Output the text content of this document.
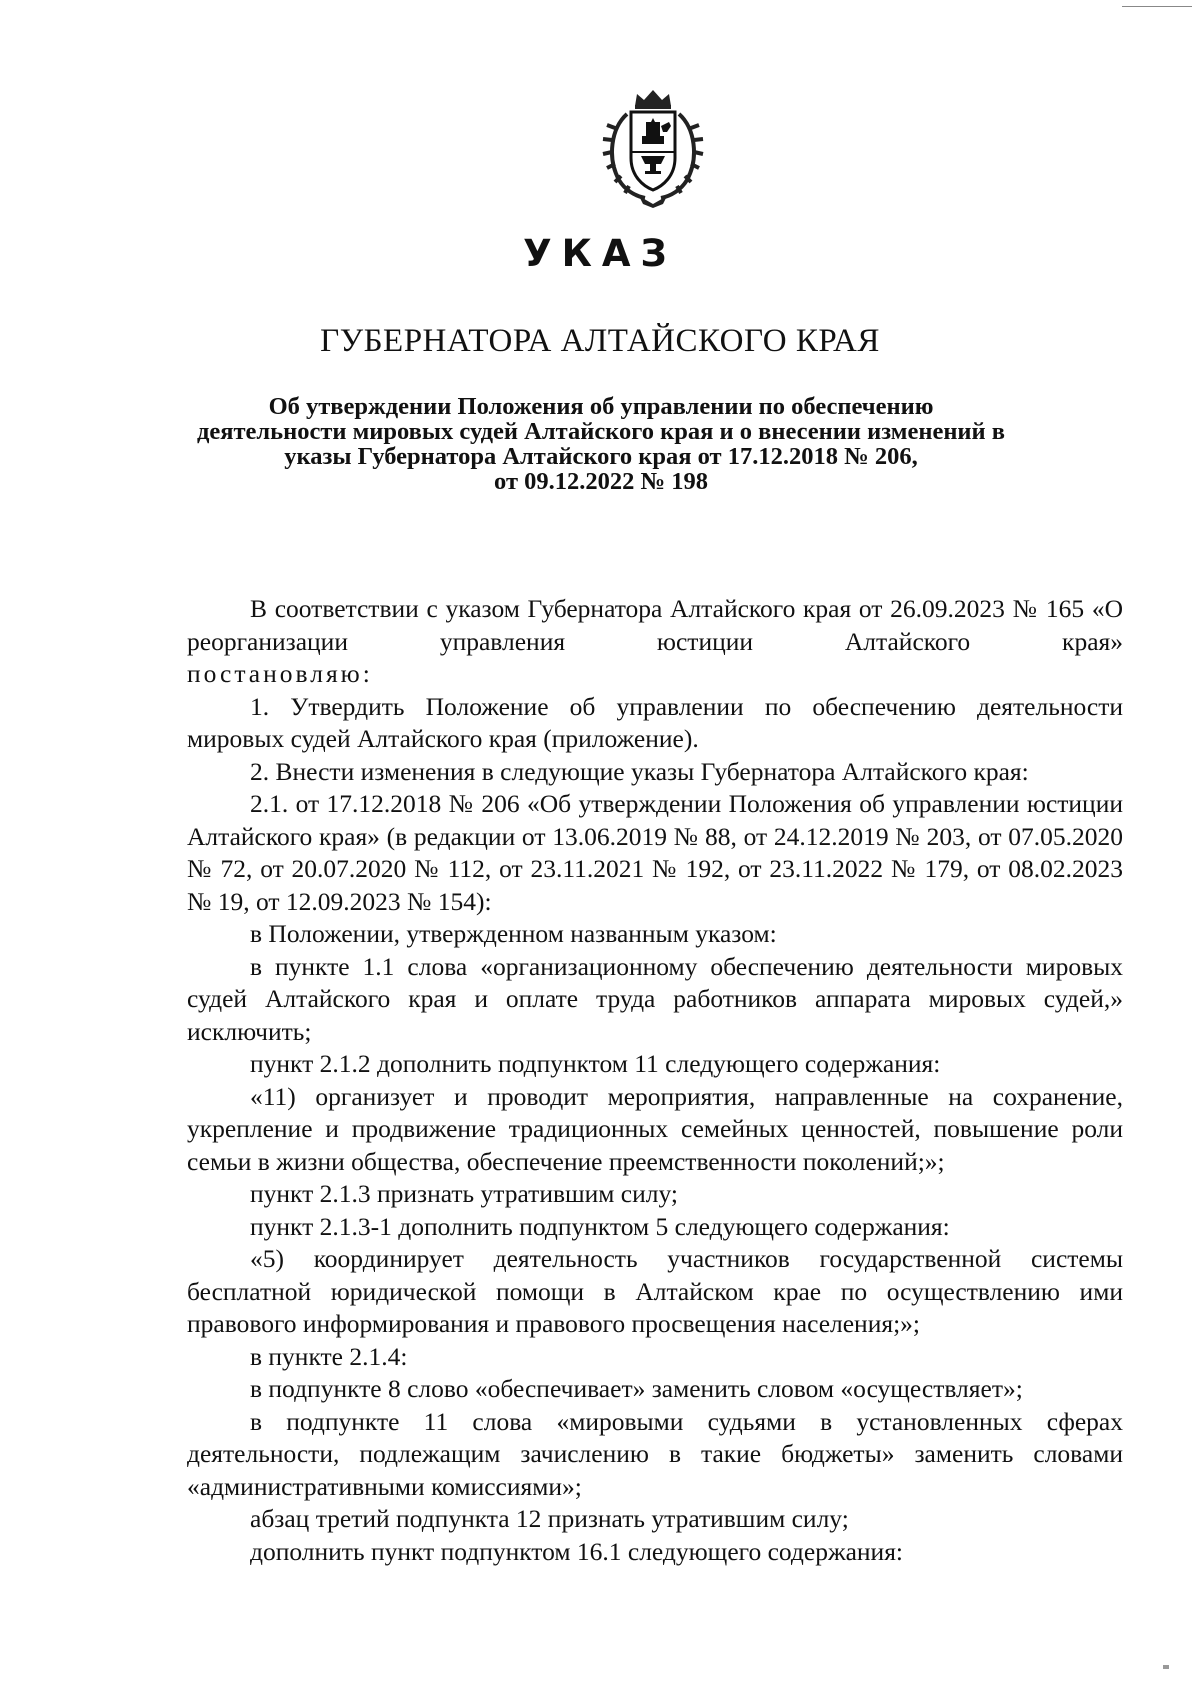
УКАЗ
ГУБЕРНАТОРА АЛТАЙСКОГО КРАЯ
Об утверждении Положения об управлении по обеспечению
деятельности мировых судей Алтайского края и о внесении изменений в
указы Губернатора Алтайского края от 17.12.2018 № 206,
от 09.12.2022 № 198

В соответствии с указом Губернатора Алтайского края от 26.09.2023 № 165 «О реорганизации управления юстиции Алтайского края»

постановляю:

1. Утвердить Положение об управлении по обеспечению деятельности мировых судей Алтайского края (приложение).

2. Внести изменения в следующие указы Губернатора Алтайского края:

2.1. от 17.12.2018 № 206 «Об утверждении Положения об управлении юстиции Алтайского края» (в редакции от 13.06.2019 № 88, от 24.12.2019 № 203, от 07.05.2020 № 72, от 20.07.2020 № 112, от 23.11.2021 № 192, от 23.11.2022 № 179, от 08.02.2023 № 19, от 12.09.2023 № 154):

в Положении, утвержденном названным указом:

в пункте 1.1 слова «организационному обеспечению деятельности мировых судей Алтайского края и оплате труда работников аппарата мировых судей,» исключить;

пункт 2.1.2 дополнить подпунктом 11 следующего содержания:

«11) организует и проводит мероприятия, направленные на сохранение, укрепление и продвижение традиционных семейных ценностей, повышение роли семьи в жизни общества, обеспечение преемственности поколений;»;

пункт 2.1.3 признать утратившим силу;

пункт 2.1.3-1 дополнить подпунктом 5 следующего содержания:

«5) координирует деятельность участников государственной системы бесплатной юридической помощи в Алтайском крае по осуществлению ими правового информирования и правового просвещения населения;»;

в пункте 2.1.4:

в подпункте 8 слово «обеспечивает» заменить словом «осуществляет»;

в подпункте 11 слова «мировыми судьями в установленных сферах деятельности, подлежащим зачислению в такие бюджеты» заменить словами «административными комиссиями»;

абзац третий подпункта 12 признать утратившим силу;

дополнить пункт подпунктом 16.1 следующего содержания:
